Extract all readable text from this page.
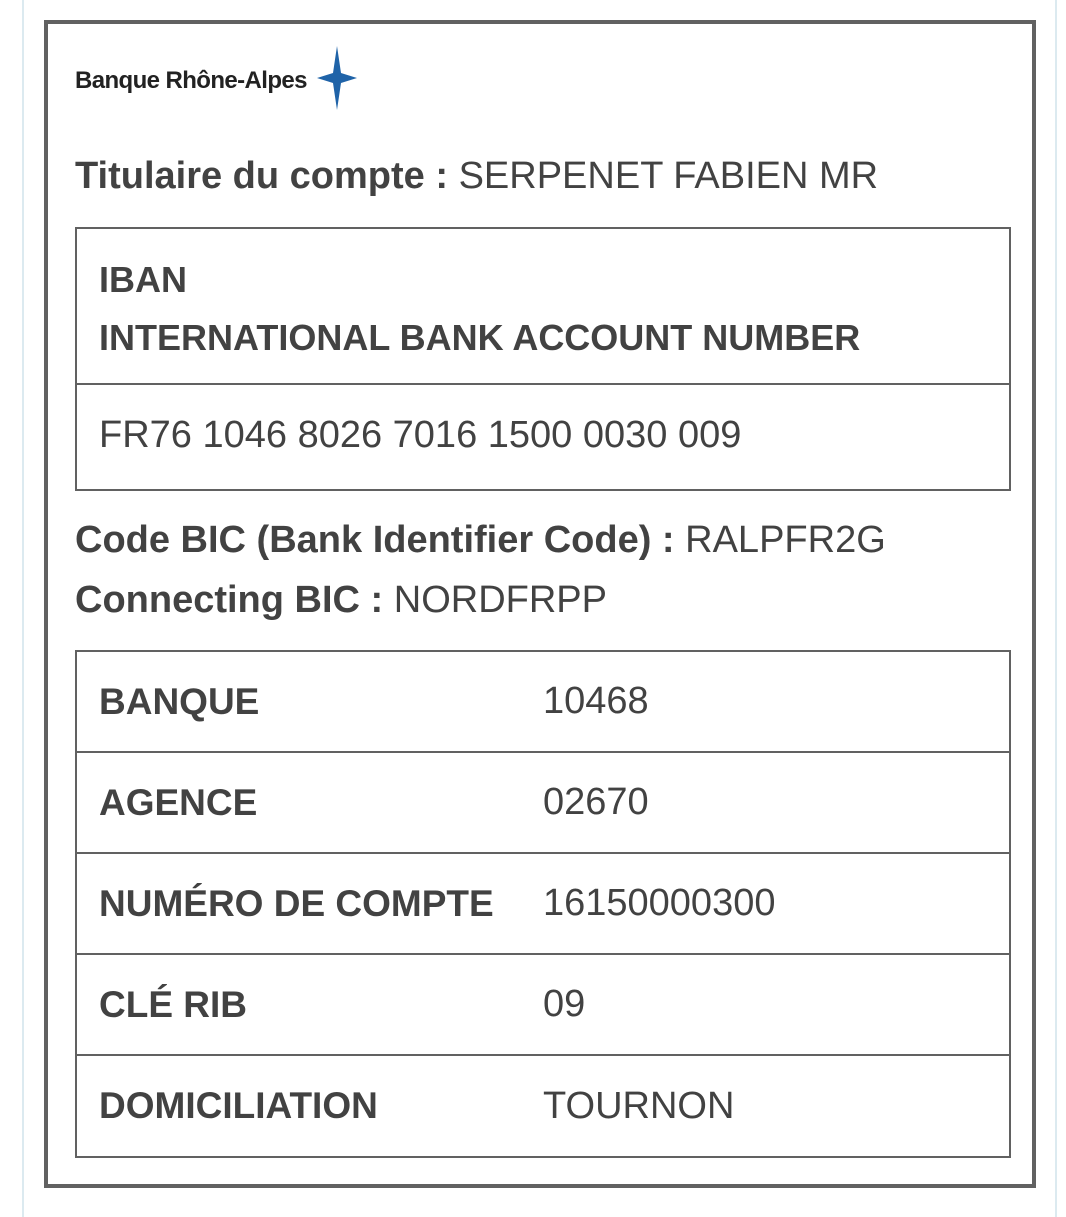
Banque Rhône-Alpes
Titulaire du compte : SERPENET FABIEN MR
IBAN
INTERNATIONAL BANK ACCOUNT NUMBER
FR76 1046 8026 7016 1500 0030 009
Code BIC (Bank Identifier Code) : RALPFR2G
Connecting BIC : NORDFRPP
BANQUE	10468
AGENCE	02670
NUMÉRO DE COMPTE	16150000300
CLÉ RIB	09
DOMICILIATION	TOURNON
